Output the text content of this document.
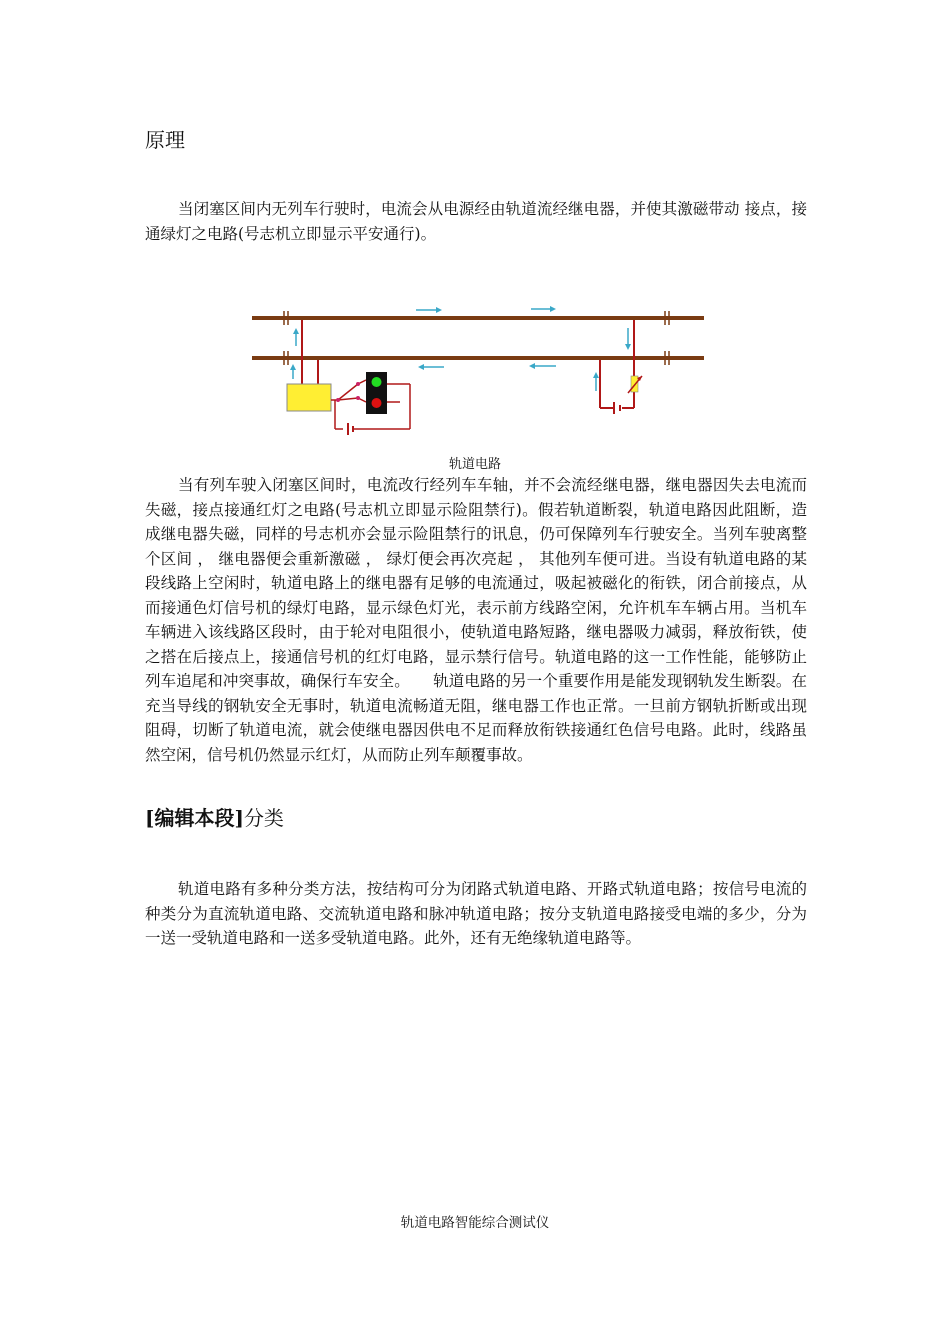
原理

当闭塞区间内无列车行驶时，电流会从电源经由轨道流经继电器，并使其激磁带动 接点，接通绿灯之电路(号志机立即显示平安通行)。

轨道电路

当有列车驶入闭塞区间时，电流改行经列车车轴，并不会流经继电器，继电器因失去电流而失磁，接点接通红灯之电路(号志机立即显示险阻禁行)。假若轨道断裂，轨道电路因此阻断，造成继电器失磁，同样的号志机亦会显示险阻禁行的讯息，仍可保障列车行驶安全。当列车驶离整个区间 ， 继电器便会重新激磁 ， 绿灯便会再次亮起 ， 其他列车便可进。当设有轨道电路的某段线路上空闲时，轨道电路上的继电器有足够的电流通过，吸起被磁化的衔铁，闭合前接点，从而接通色灯信号机的绿灯电路，显示绿色灯光，表示前方线路空闲，允许机车车辆占用。当机车车辆进入该线路区段时，由于轮对电阻很小，使轨道电路短路，继电器吸力减弱，释放衔铁，使之搭在后接点上，接通信号机的红灯电路，显示禁行信号。轨道电路的这一工作性能，能够防止列车追尾和冲突事故，确保行车安全。　　轨道电路的另一个重要作用是能发现钢轨发生断裂。在充当导线的钢轨安全无事时，轨道电流畅道无阻，继电器工作也正常。一旦前方钢轨折断或出现阻碍，切断了轨道电流，就会使继电器因供电不足而释放衔铁接通红色信号电路。此时，线路虽然空闲，信号机仍然显示红灯，从而防止列车颠覆事故。

[编辑本段]分类

轨道电路有多种分类方法，按结构可分为闭路式轨道电路、开路式轨道电路；按信号电流的种类分为直流轨道电路、交流轨道电路和脉冲轨道电路；按分支轨道电路接受电端的多少，分为一送一受轨道电路和一送多受轨道电路。此外，还有无绝缘轨道电路等。

轨道电路智能综合测试仪
